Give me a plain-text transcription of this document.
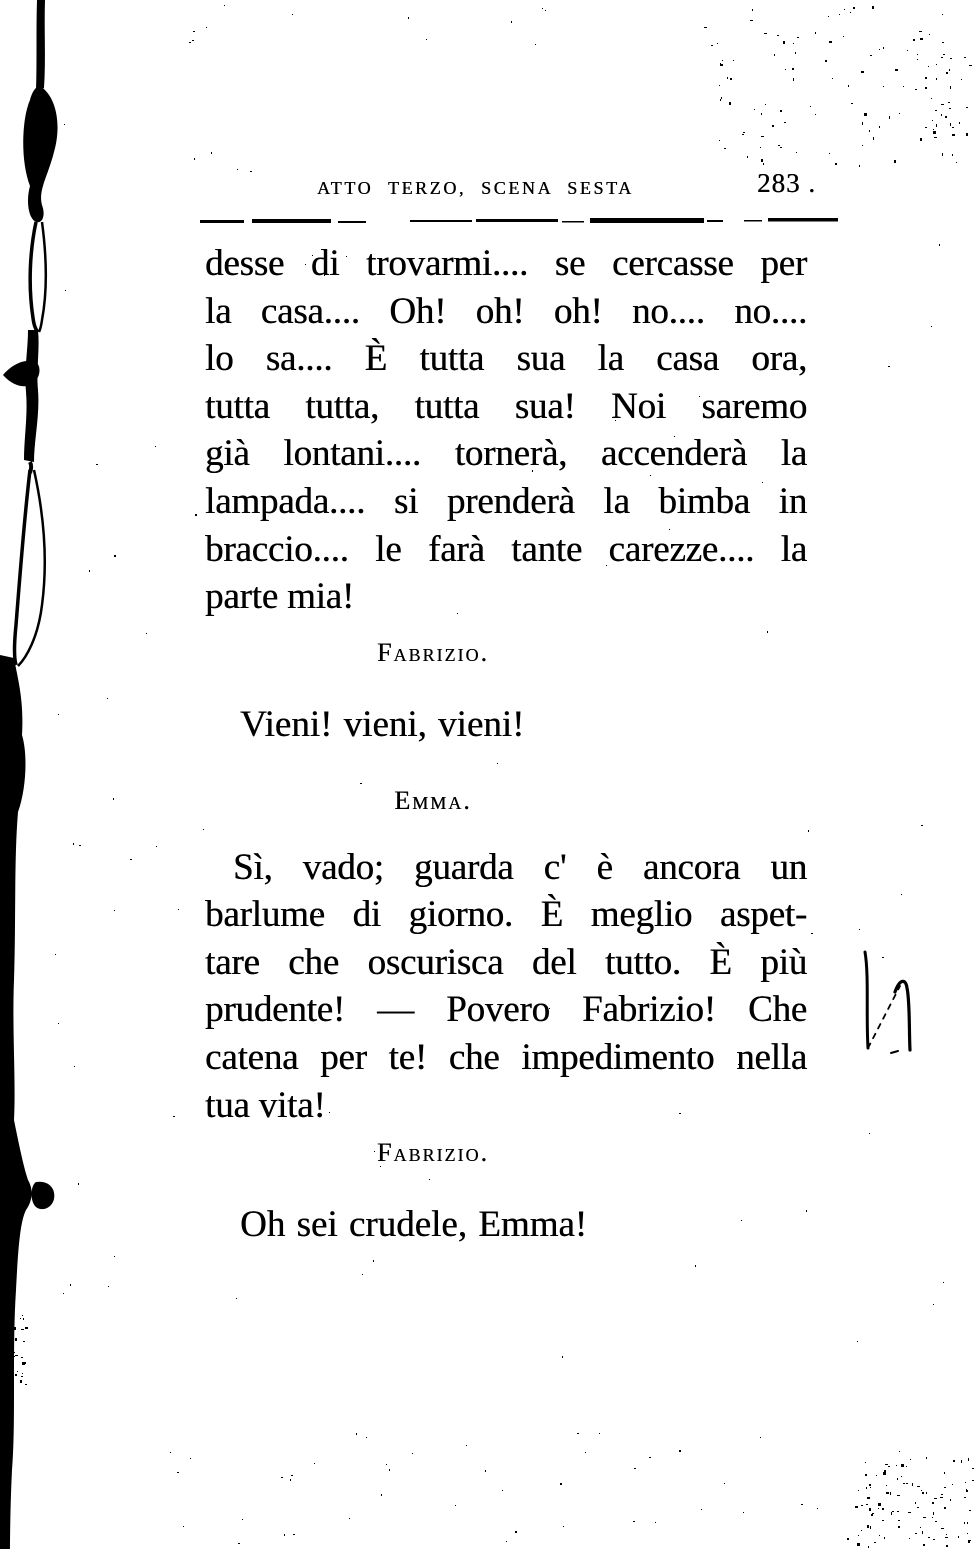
ATTO TERZO, SCENA SESTA	283 .
desse di trovarmi.... se cercasse per
la casa.... Oh! oh! oh! no.... no....
lo sa.... È tutta sua la casa ora,
tutta tutta, tutta sua! Noi saremo
già lontani.... tornerà, accenderà la
lampada.... si prenderà la bimba in
braccio.... le farà tante carezze.... la
parte mia!
Fabrizio.
Vieni! vieni, vieni!
Emma.
Sì, vado; guarda c' è ancora un
barlume di giorno. È meglio aspet-
tare che oscurisca del tutto. È più
prudente! — Povero Fabrizio! Che
catena per te! che impedimento nella
tua vita!
Fabrizio.
Oh sei crudele, Emma!
